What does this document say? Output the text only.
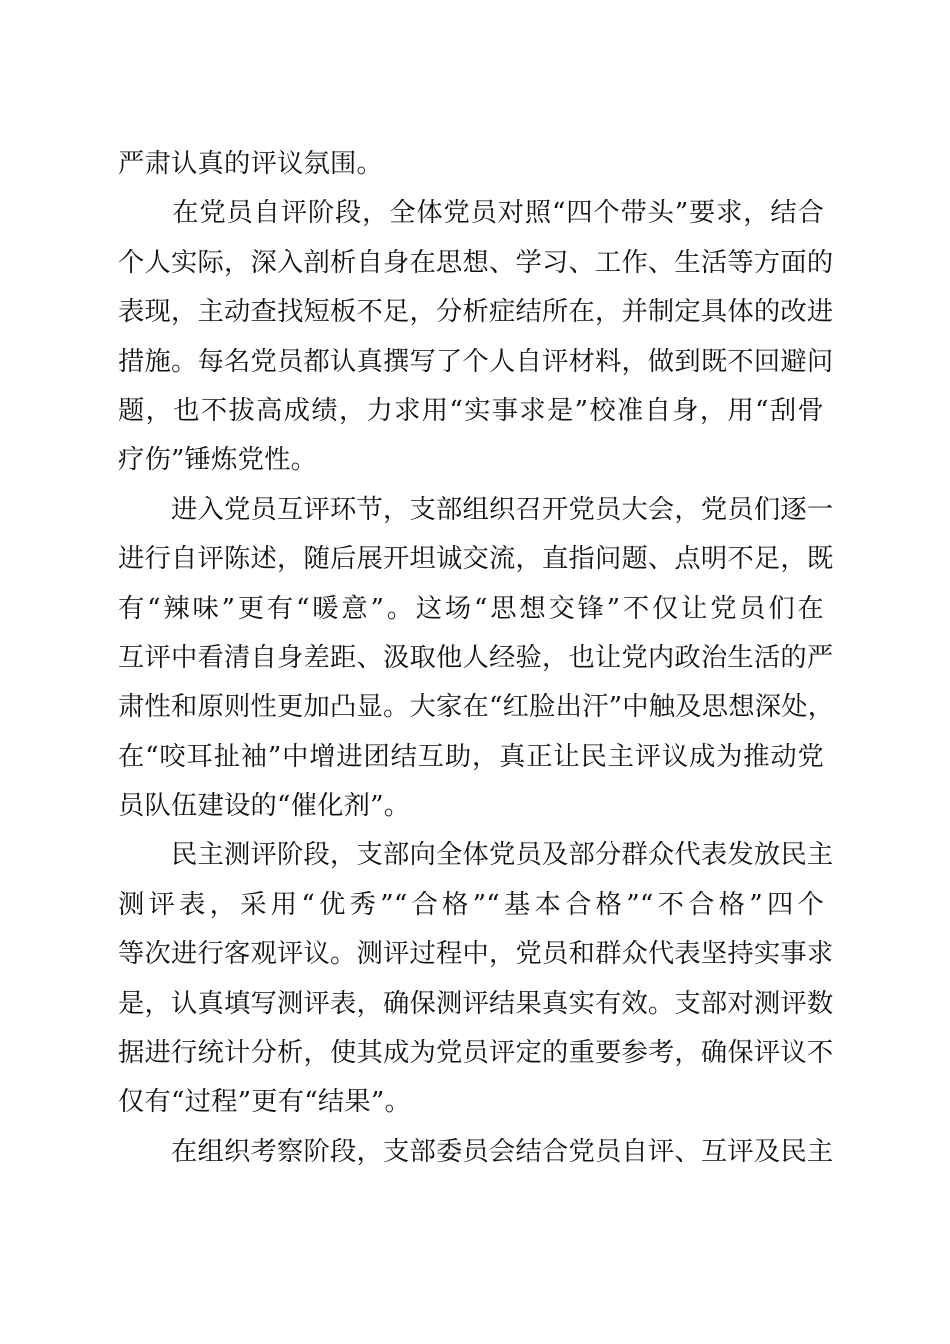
严肃认真的评议氛围。
　　在党员自评阶段，全体党员对照“四个带头”要求，结合
个人实际，深入剖析自身在思想、学习、工作、生活等方面的
表现，主动查找短板不足，分析症结所在，并制定具体的改进
措施。每名党员都认真撰写了个人自评材料，做到既不回避问
题，也不拔高成绩，力求用“实事求是”校准自身，用“刮骨
疗伤”锤炼党性。
　　进入党员互评环节，支部组织召开党员大会，党员们逐一
进行自评陈述，随后展开坦诚交流，直指问题、点明不足，既
有“辣味”更有“暖意”。这场“思想交锋”不仅让党员们在
互评中看清自身差距、汲取他人经验，也让党内政治生活的严
肃性和原则性更加凸显。大家在“红脸出汗”中触及思想深处，
在“咬耳扯袖”中增进团结互助，真正让民主评议成为推动党
员队伍建设的“催化剂”。
　　民主测评阶段，支部向全体党员及部分群众代表发放民主
测评表，采用“优秀”“合格”“基本合格”“不合格”四个
等次进行客观评议。测评过程中，党员和群众代表坚持实事求
是，认真填写测评表，确保测评结果真实有效。支部对测评数
据进行统计分析，使其成为党员评定的重要参考，确保评议不
仅有“过程”更有“结果”。
　　在组织考察阶段，支部委员会结合党员自评、互评及民主
